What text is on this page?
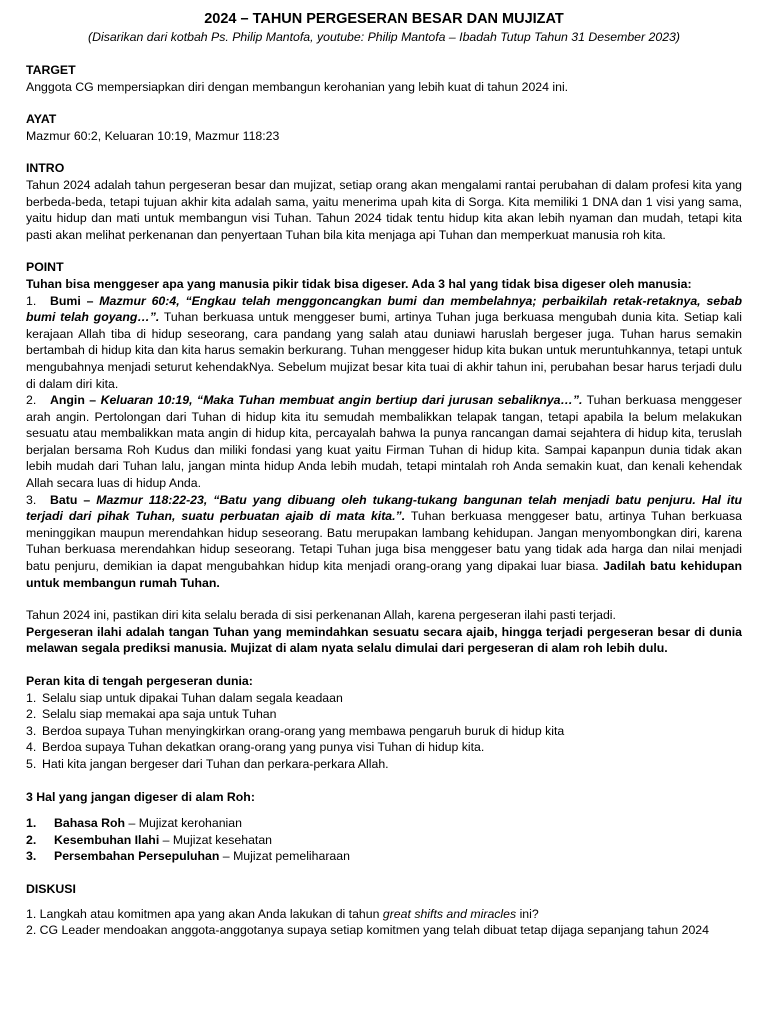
2024 – TAHUN PERGESERAN BESAR DAN MUJIZAT

(Disarikan dari kotbah Ps. Philip Mantofa, youtube: Philip Mantofa – Ibadah Tutup Tahun 31 Desember 2023)

TARGET

Anggota CG mempersiapkan diri dengan membangun kerohanian yang lebih kuat di tahun 2024 ini.

AYAT

Mazmur 60:2, Keluaran 10:19, Mazmur 118:23

INTRO

Tahun 2024 adalah tahun pergeseran besar dan mujizat, setiap orang akan mengalami rantai perubahan di dalam profesi kita yang berbeda-beda, tetapi tujuan akhir kita adalah sama, yaitu menerima upah kita di Sorga. Kita memiliki 1 DNA dan 1 visi yang sama, yaitu hidup dan mati untuk membangun visi Tuhan. Tahun 2024 tidak tentu hidup kita akan lebih nyaman dan mudah, tetapi kita pasti akan melihat perkenanan dan penyertaan Tuhan bila kita menjaga api Tuhan dan memperkuat manusia roh kita.

POINT

Tuhan bisa menggeser apa yang manusia pikir tidak bisa digeser. Ada 3 hal yang tidak bisa digeser oleh manusia:

1. Bumi – Mazmur 60:4, “Engkau telah menggoncangkan bumi dan membelahnya; perbaikilah retak-retaknya, sebab bumi telah goyang…”. Tuhan berkuasa untuk menggeser bumi, artinya Tuhan juga berkuasa mengubah dunia kita. Setiap kali kerajaan Allah tiba di hidup seseorang, cara pandang yang salah atau duniawi haruslah bergeser juga. Tuhan harus semakin bertambah di hidup kita dan kita harus semakin berkurang. Tuhan menggeser hidup kita bukan untuk meruntuhkannya, tetapi untuk mengubahnya menjadi seturut kehendakNya. Sebelum mujizat besar kita tuai di akhir tahun ini, perubahan besar harus terjadi dulu di dalam diri kita.

2. Angin – Keluaran 10:19, “Maka Tuhan membuat angin bertiup dari jurusan sebaliknya…”. Tuhan berkuasa menggeser arah angin. Pertolongan dari Tuhan di hidup kita itu semudah membalikkan telapak tangan, tetapi apabila Ia belum melakukan sesuatu atau membalikkan mata angin di hidup kita, percayalah bahwa Ia punya rancangan damai sejahtera di hidup kita, teruslah berjalan bersama Roh Kudus dan miliki fondasi yang kuat yaitu Firman Tuhan di hidup kita. Sampai kapanpun dunia tidak akan lebih mudah dari Tuhan lalu, jangan minta hidup Anda lebih mudah, tetapi mintalah roh Anda semakin kuat, dan kenali kehendak Allah secara luas di hidup Anda.

3. Batu – Mazmur 118:22-23, “Batu yang dibuang oleh tukang-tukang bangunan telah menjadi batu penjuru. Hal itu terjadi dari pihak Tuhan, suatu perbuatan ajaib di mata kita.”. Tuhan berkuasa menggeser batu, artinya Tuhan berkuasa meninggikan maupun merendahkan hidup seseorang. Batu merupakan lambang kehidupan. Jangan menyombongkan diri, karena Tuhan berkuasa merendahkan hidup seseorang. Tetapi Tuhan juga bisa menggeser batu yang tidak ada harga dan nilai menjadi batu penjuru, demikian ia dapat mengubahkan hidup kita menjadi orang-orang yang dipakai luar biasa. Jadilah batu kehidupan untuk membangun rumah Tuhan.

Tahun 2024 ini, pastikan diri kita selalu berada di sisi perkenanan Allah, karena pergeseran ilahi pasti terjadi.

Pergeseran ilahi adalah tangan Tuhan yang memindahkan sesuatu secara ajaib, hingga terjadi pergeseran besar di dunia melawan segala prediksi manusia. Mujizat di alam nyata selalu dimulai dari pergeseran di alam roh lebih dulu.

Peran kita di tengah pergeseran dunia:

1. Selalu siap untuk dipakai Tuhan dalam segala keadaan
2. Selalu siap memakai apa saja untuk Tuhan
3. Berdoa supaya Tuhan menyingkirkan orang-orang yang membawa pengaruh buruk di hidup kita
4. Berdoa supaya Tuhan dekatkan orang-orang yang punya visi Tuhan di hidup kita.
5. Hati kita jangan bergeser dari Tuhan dan perkara-perkara Allah.

3 Hal yang jangan digeser di alam Roh:

1. Bahasa Roh – Mujizat kerohanian
2. Kesembuhan Ilahi – Mujizat kesehatan
3. Persembahan Persepuluhan – Mujizat pemeliharaan

DISKUSI

1. Langkah atau komitmen apa yang akan Anda lakukan di tahun great shifts and miracles ini?

2. CG Leader mendoakan anggota-anggotanya supaya setiap komitmen yang telah dibuat tetap dijaga sepanjang tahun 2024
